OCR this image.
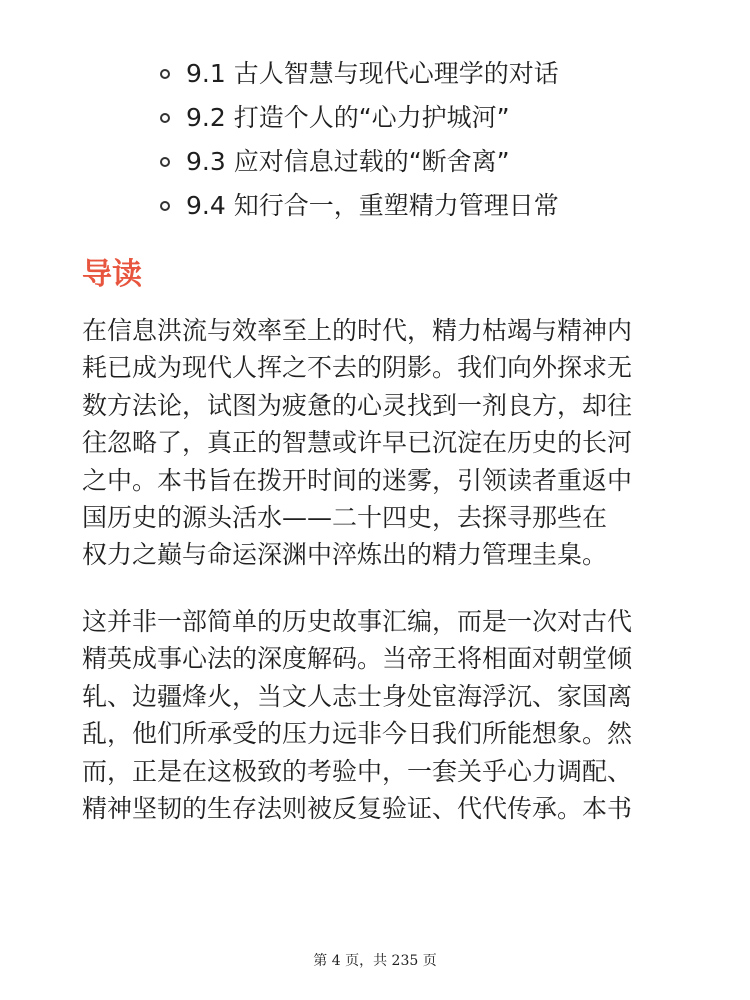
9.1 古人智慧与现代心理学的对话
9.2 打造个人的“心力护城河”
9.3 应对信息过载的“断舍离”
9.4 知行合一，重塑精力管理日常
导读

在信息洪流与效率至上的时代，精力枯竭与精神内
耗已成为现代人挥之不去的阴影。我们向外探求无
数方法论，试图为疲惫的心灵找到一剂良方，却往
往忽略了，真正的智慧或许早已沉淀在历史的长河
之中。本书旨在拨开时间的迷雾，引领读者重返中
国历史的源头活水——二十四史，去探寻那些在
权力之巅与命运深渊中淬炼出的精力管理圭臬。

这并非一部简单的历史故事汇编，而是一次对古代
精英成事心法的深度解码。当帝王将相面对朝堂倾
轧、边疆烽火，当文人志士身处宦海浮沉、家国离
乱，他们所承受的压力远非今日我们所能想象。然
而，正是在这极致的考验中，一套关乎心力调配、
精神坚韧的生存法则被反复验证、代代传承。本书

第 4 页，共 235 页
